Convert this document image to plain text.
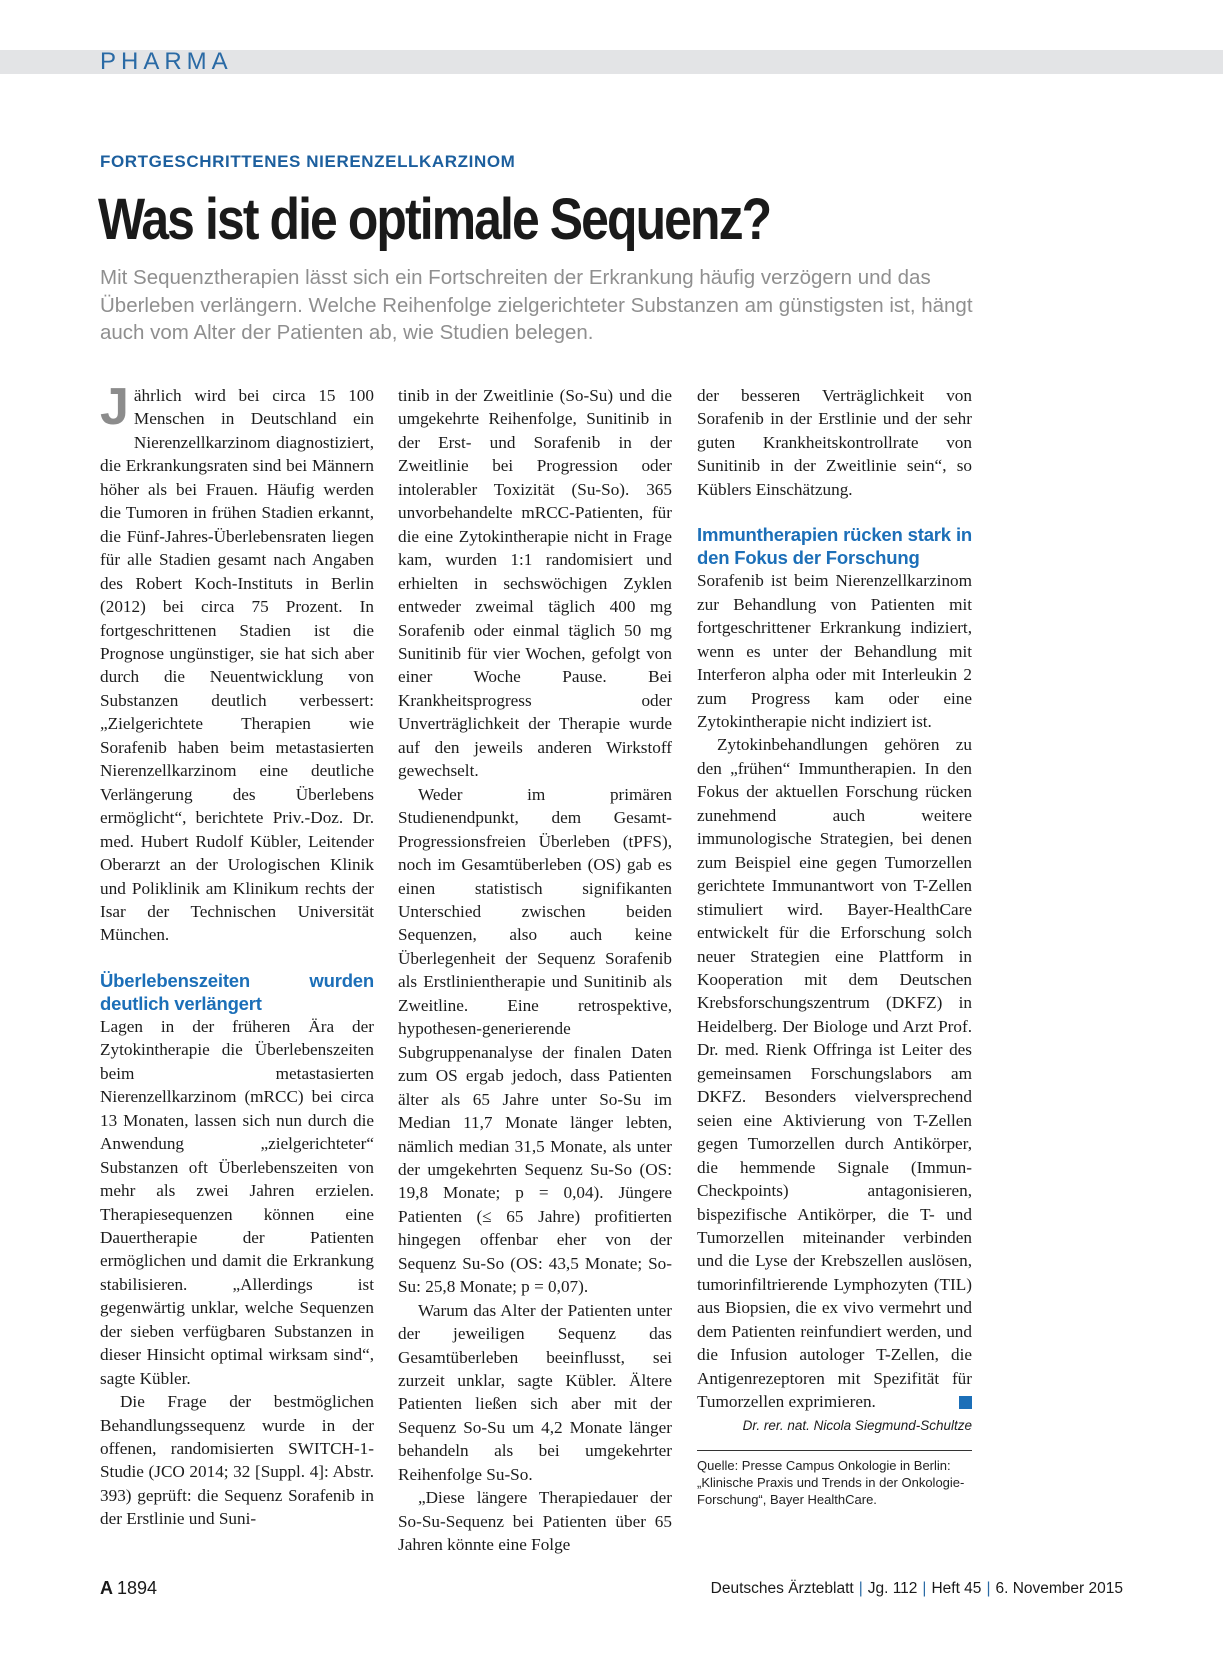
PHARMA
FORTGESCHRITTENES NIERENZELLKARZINOM
Was ist die optimale Sequenz?
Mit Sequenztherapien lässt sich ein Fortschreiten der Erkrankung häufig verzögern und das Überleben verlängern. Welche Reihenfolge zielgerichteter Substanzen am günstigsten ist, hängt auch vom Alter der Patienten ab, wie Studien belegen.

Jährlich wird bei circa 15 100 Menschen in Deutschland ein Nierenzellkarzinom diagnostiziert, die Erkrankungsraten sind bei Männern höher als bei Frauen. Häufig werden die Tumoren in frühen Stadien erkannt, die Fünf-Jahres-Überlebensraten liegen für alle Stadien gesamt nach Angaben des Robert Koch-Instituts in Berlin (2012) bei circa 75 Prozent. In fortgeschrittenen Stadien ist die Prognose ungünstiger, sie hat sich aber durch die Neuentwicklung von Substanzen deutlich verbessert: „Zielgerichtete Therapien wie Sorafenib haben beim metastasierten Nierenzellkarzinom eine deutliche Verlängerung des Überlebens ermöglicht“, berichtete Priv.-Doz. Dr. med. Hubert Rudolf Kübler, Leitender Oberarzt an der Urologischen Klinik und Poliklinik am Klinikum rechts der Isar der Technischen Universität München.

Überlebenszeiten wurden deutlich verlängert

Lagen in der früheren Ära der Zytokintherapie die Überlebenszeiten beim metastasierten Nierenzellkarzinom (mRCC) bei circa 13 Monaten, lassen sich nun durch die Anwendung „zielgerichteter“ Substanzen oft Überlebenszeiten von mehr als zwei Jahren erzielen. Therapiesequenzen können eine Dauertherapie der Patienten ermöglichen und damit die Erkrankung stabilisieren. „Allerdings ist gegenwärtig unklar, welche Sequenzen der sieben verfügbaren Substanzen in dieser Hinsicht optimal wirksam sind“, sagte Kübler.

Die Frage der bestmöglichen Behandlungssequenz wurde in der offenen, randomisierten SWITCH-1-Studie (JCO 2014; 32 [Suppl. 4]: Abstr. 393) geprüft: die Sequenz Sorafenib in der Erstlinie und Suni-

tinib in der Zweitlinie (So-Su) und die umgekehrte Reihenfolge, Sunitinib in der Erst- und Sorafenib in der Zweitlinie bei Progression oder intolerabler Toxizität (Su-So). 365 unvorbehandelte mRCC-Patienten, für die eine Zytokintherapie nicht in Frage kam, wurden 1:1 randomisiert und erhielten in sechswöchigen Zyklen entweder zweimal täglich 400 mg Sorafenib oder einmal täglich 50 mg Sunitinib für vier Wochen, gefolgt von einer Woche Pause. Bei Krankheitsprogress oder Unverträglichkeit der Therapie wurde auf den jeweils anderen Wirkstoff gewechselt.

Weder im primären Studienendpunkt, dem Gesamt-Progressionsfreien Überleben (tPFS), noch im Gesamtüberleben (OS) gab es einen statistisch signifikanten Unterschied zwischen beiden Sequenzen, also auch keine Überlegenheit der Sequenz Sorafenib als Erstlinientherapie und Sunitinib als Zweitline. Eine retrospektive, hypothesen-generierende Subgruppenanalyse der finalen Daten zum OS ergab jedoch, dass Patienten älter als 65 Jahre unter So-Su im Median 11,7 Monate länger lebten, nämlich median 31,5 Monate, als unter der umgekehrten Sequenz Su-So (OS: 19,8 Monate; p = 0,04). Jüngere Patienten (≤ 65 Jahre) profitierten hingegen offenbar eher von der Sequenz Su-So (OS: 43,5 Monate; So-Su: 25,8 Monate; p = 0,07).

Warum das Alter der Patienten unter der jeweiligen Sequenz das Gesamtüberleben beeinflusst, sei zurzeit unklar, sagte Kübler. Ältere Patienten ließen sich aber mit der Sequenz So-Su um 4,2 Monate länger behandeln als bei umgekehrter Reihenfolge Su-So.

„Diese längere Therapiedauer der So-Su-Sequenz bei Patienten über 65 Jahren könnte eine Folge

der besseren Verträglichkeit von Sorafenib in der Erstlinie und der sehr guten Krankheitskontrollrate von Sunitinib in der Zweitlinie sein“, so Küblers Einschätzung.

Immuntherapien rücken stark in den Fokus der Forschung

Sorafenib ist beim Nierenzellkarzinom zur Behandlung von Patienten mit fortgeschrittener Erkrankung indiziert, wenn es unter der Behandlung mit Interferon alpha oder mit Interleukin 2 zum Progress kam oder eine Zytokintherapie nicht indiziert ist.

Zytokinbehandlungen gehören zu den „frühen“ Immuntherapien. In den Fokus der aktuellen Forschung rücken zunehmend auch weitere immunologische Strategien, bei denen zum Beispiel eine gegen Tumorzellen gerichtete Immunantwort von T-Zellen stimuliert wird. Bayer-HealthCare entwickelt für die Erforschung solch neuer Strategien eine Plattform in Kooperation mit dem Deutschen Krebsforschungszentrum (DKFZ) in Heidelberg. Der Biologe und Arzt Prof. Dr. med. Rienk Offringa ist Leiter des gemeinsamen Forschungslabors am DKFZ. Besonders vielversprechend seien eine Aktivierung von T-Zellen gegen Tumorzellen durch Antikörper, die hemmende Signale (Immun-Checkpoints) antagonisieren, bispezifische Antikörper, die T- und Tumorzellen miteinander verbinden und die Lyse der Krebszellen auslösen, tumorinfiltrierende Lymphozyten (TIL) aus Biopsien, die ex vivo vermehrt und dem Patienten reinfundiert werden, und die Infusion autologer T-Zellen, die Antigenrezeptoren mit Spezifität für Tumorzellen exprimieren.

Dr. rer. nat. Nicola Siegmund-Schultze
Quelle: Presse Campus Onkologie in Berlin: „Klinische Praxis und Trends in der Onkologie-Forschung“, Bayer HealthCare.
A 1894	Deutsches Ärzteblatt | Jg. 112 | Heft 45 | 6. November 2015
